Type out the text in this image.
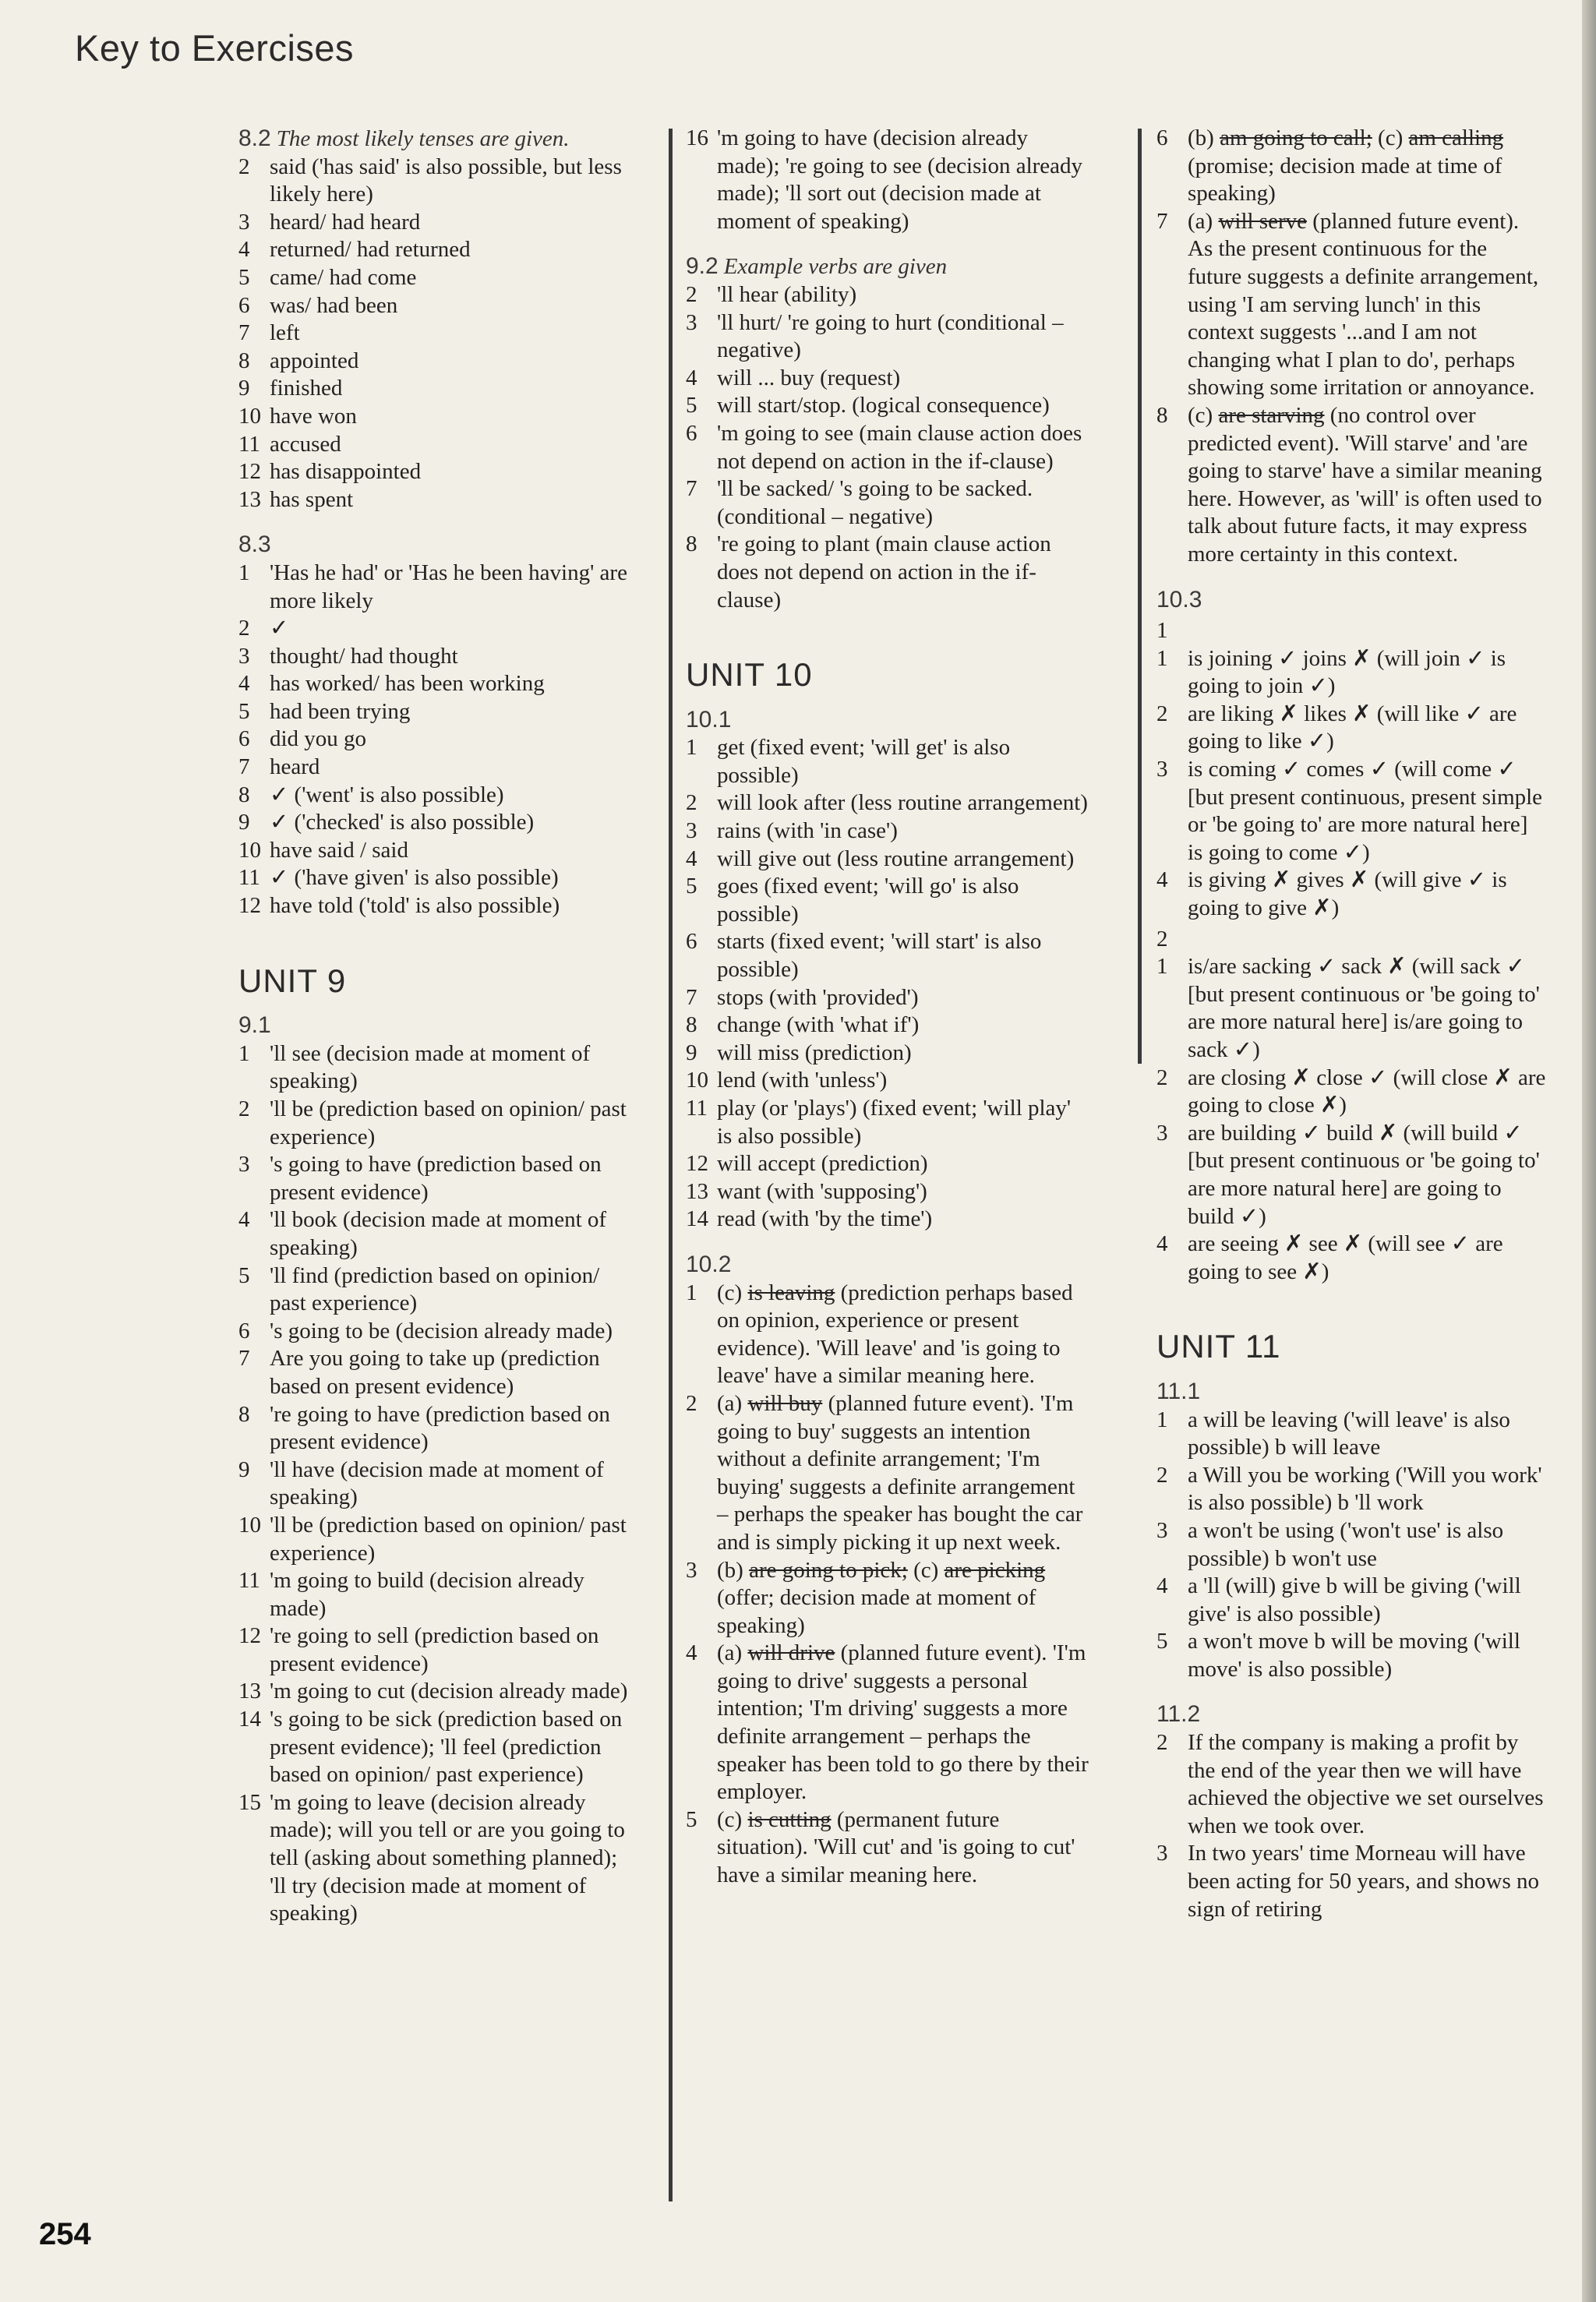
Key to Exercises
8.2 The most likely tenses are given.
2 said ('has said' is also possible, but less likely here)
3 heard/ had heard
4 returned/ had returned
5 came/ had come
6 was/ had been
7 left
8 appointed
9 finished
10 have won
11 accused
12 has disappointed
13 has spent
8.3
1 'Has he had' or 'Has he been having' are more likely
2 ✓
3 thought/ had thought
4 has worked/ has been working
5 had been trying
6 did you go
7 heard
8 ✓ ('went' is also possible)
9 ✓ ('checked' is also possible)
10 have said / said
11 ✓ ('have given' is also possible)
12 have told ('told' is also possible)
UNIT 9
9.1
1 'll see (decision made at moment of speaking)
2 'll be (prediction based on opinion/ past experience)
3 's going to have (prediction based on present evidence)
4 'll book (decision made at moment of speaking)
5 'll find (prediction based on opinion/ past experience)
6 's going to be (decision already made)
7 Are you going to take up (prediction based on present evidence)
8 're going to have (prediction based on present evidence)
9 'll have (decision made at moment of speaking)
10 'll be (prediction based on opinion/ past experience)
11 'm going to build (decision already made)
12 're going to sell (prediction based on present evidence)
13 'm going to cut (decision already made)
14 's going to be sick (prediction based on present evidence); 'll feel (prediction based on opinion/ past experience)
15 'm going to leave (decision already made); will you tell or are you going to tell (asking about something planned); 'll try (decision made at moment of speaking)
16 'm going to have (decision already made); 're going to see (decision already made); 'll sort out (decision made at moment of speaking)
9.2 Example verbs are given
2 'll hear (ability)
3 'll hurt/ 're going to hurt (conditional – negative)
4 will ... buy (request)
5 will start/stop. (logical consequence)
6 'm going to see (main clause action does not depend on action in the if-clause)
7 'll be sacked/ 's going to be sacked. (conditional – negative)
8 're going to plant (main clause action does not depend on action in the if-clause)
UNIT 10
10.1
1 get (fixed event; 'will get' is also possible)
2 will look after (less routine arrangement)
3 rains (with 'in case')
4 will give out (less routine arrangement)
5 goes (fixed event; 'will go' is also possible)
6 starts (fixed event; 'will start' is also possible)
7 stops (with 'provided')
8 change (with 'what if')
9 will miss (prediction)
10 lend (with 'unless')
11 play (or 'plays') (fixed event; 'will play' is also possible)
12 will accept (prediction)
13 want (with 'supposing')
14 read (with 'by the time')
10.2
1 (c) is leaving (prediction perhaps based on opinion, experience or present evidence). 'Will leave' and 'is going to leave' have a similar meaning here.
2 (a) will buy (planned future event). 'I'm going to buy' suggests an intention without a definite arrangement; 'I'm buying' suggests a definite arrangement – perhaps the speaker has bought the car and is simply picking it up next week.
3 (b) are going to pick; (c) are picking (offer; decision made at moment of speaking)
4 (a) will drive (planned future event). 'I'm going to drive' suggests a personal intention; 'I'm driving' suggests a more definite arrangement – perhaps the speaker has been told to go there by their employer.
5 (c) is cutting (permanent future situation). 'Will cut' and 'is going to cut' have a similar meaning here.
6 (b) am going to call; (c) am calling (promise; decision made at time of speaking)
7 (a) will serve (planned future event). As the present continuous for the future suggests a definite arrangement, using 'I am serving lunch' in this context suggests '...and I am not changing what I plan to do', perhaps showing some irritation or annoyance.
8 (c) are starving (no control over predicted event). 'Will starve' and 'are going to starve' have a similar meaning here. However, as 'will' is often used to talk about future facts, it may express more certainty in this context.
10.3
1
1 is joining ✓ joins ✗ (will join ✓ is going to join ✓)
2 are liking ✗ likes ✗ (will like ✓ are going to like ✓)
3 is coming ✓ comes ✓ (will come ✓ [but present continuous, present simple or 'be going to' are more natural here] is going to come ✓)
4 is giving ✗ gives ✗ (will give ✓ is going to give ✗)
2
1 is/are sacking ✓ sack ✗ (will sack ✓ [but present continuous or 'be going to' are more natural here] is/are going to sack ✓)
2 are closing ✗ close ✓ (will close ✗ are going to close ✗)
3 are building ✓ build ✗ (will build ✓ [but present continuous or 'be going to' are more natural here] are going to build ✓)
4 are seeing ✗ see ✗ (will see ✓ are going to see ✗)
UNIT 11
11.1
1 a will be leaving ('will leave' is also possible) b will leave
2 a Will you be working ('Will you work' is also possible) b 'll work
3 a won't be using ('won't use' is also possible) b won't use
4 a 'll (will) give b will be giving ('will give' is also possible)
5 a won't move b will be moving ('will move' is also possible)
11.2
2 If the company is making a profit by the end of the year then we will have achieved the objective we set ourselves when we took over.
3 In two years' time Morneau will have been acting for 50 years, and shows no sign of retiring
254
